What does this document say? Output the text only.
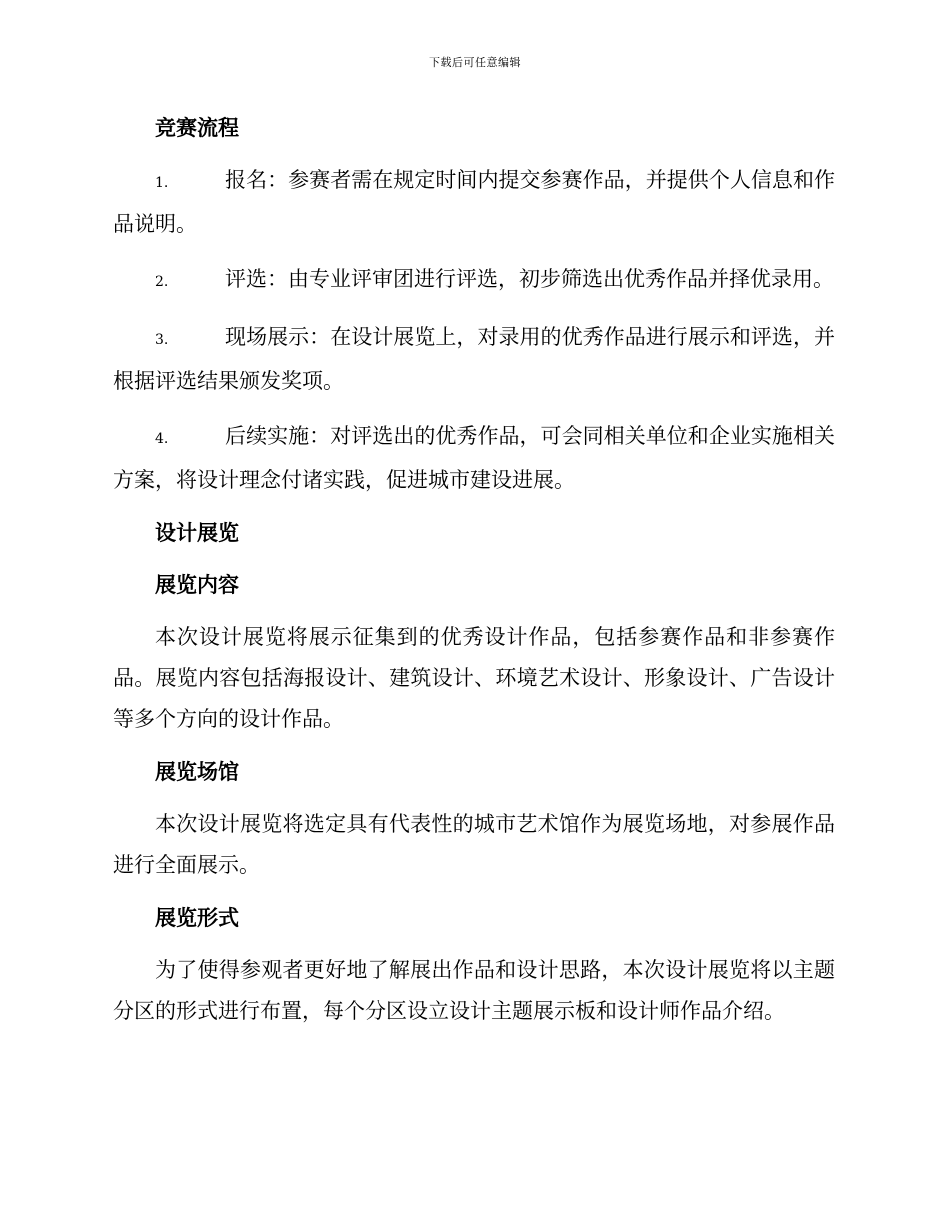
下载后可任意编辑
竞赛流程

1.	报名：参赛者需在规定时间内提交参赛作品，并提供个人信息和作品说明。

2.	评选：由专业评审团进行评选，初步筛选出优秀作品并择优录用。

3.	现场展示：在设计展览上，对录用的优秀作品进行展示和评选，并根据评选结果颁发奖项。

4.	后续实施：对评选出的优秀作品，可会同相关单位和企业实施相关方案，将设计理念付诸实践，促进城市建设进展。

设计展览
展览内容

本次设计展览将展示征集到的优秀设计作品，包括参赛作品和非参赛作品。展览内容包括海报设计、建筑设计、环境艺术设计、形象设计、广告设计等多个方向的设计作品。

展览场馆

本次设计展览将选定具有代表性的城市艺术馆作为展览场地，对参展作品进行全面展示。

展览形式

为了使得参观者更好地了解展出作品和设计思路，本次设计展览将以主题分区的形式进行布置，每个分区设立设计主题展示板和设计师作品介绍。
